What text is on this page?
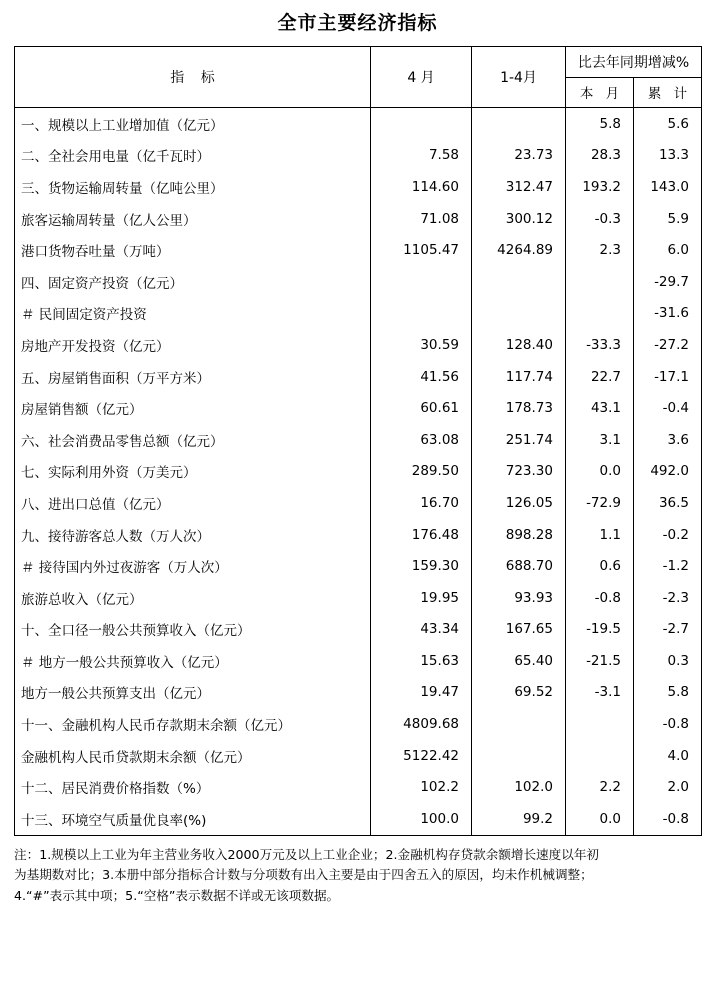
全市主要经济指标
指 标	4 月	1-4月	比去年同期增减%	
			本 月	累 计
一、规模以上工业增加值（亿元）			5.8	5.6
二、全社会用电量（亿千瓦时）	7.58	23.73	28.3	13.3
三、货物运输周转量（亿吨公里）	114.60	312.47	193.2	143.0
旅客运输周转量（亿人公里）	71.08	300.12	-0.3	5.9
港口货物吞吐量（万吨）	1105.47	4264.89	2.3	6.0
四、固定资产投资（亿元）				-29.7
＃ 民间固定资产投资				-31.6
房地产开发投资（亿元）	30.59	128.40	-33.3	-27.2
五、房屋销售面积（万平方米）	41.56	117.74	22.7	-17.1
房屋销售额（亿元）	60.61	178.73	43.1	-0.4
六、社会消费品零售总额（亿元）	63.08	251.74	3.1	3.6
七、实际利用外资（万美元）	289.50	723.30	0.0	492.0
八、进出口总值（亿元）	16.70	126.05	-72.9	36.5
九、接待游客总人数（万人次）	176.48	898.28	1.1	-0.2
＃ 接待国内外过夜游客（万人次）	159.30	688.70	0.6	-1.2
旅游总收入（亿元）	19.95	93.93	-0.8	-2.3
十、全口径一般公共预算收入（亿元）	43.34	167.65	-19.5	-2.7
＃ 地方一般公共预算收入（亿元）	15.63	65.40	-21.5	0.3
地方一般公共预算支出（亿元）	19.47	69.52	-3.1	5.8
十一、金融机构人民币存款期末余额（亿元）	4809.68			-0.8
金融机构人民币贷款期末余额（亿元）	5122.42			4.0
十二、居民消费价格指数（%）	102.2	102.0	2.2	2.0
十三、环境空气质量优良率(%)	100.0	99.2	0.0	-0.8
注：1.规模以上工业为年主营业务收入2000万元及以上工业企业；2.金融机构存贷款余额增长速度以年初
为基期数对比；3.本册中部分指标合计数与分项数有出入主要是由于四舍五入的原因，均未作机械调整；
4.“#”表示其中项；5.“空格”表示数据不详或无该项数据。
